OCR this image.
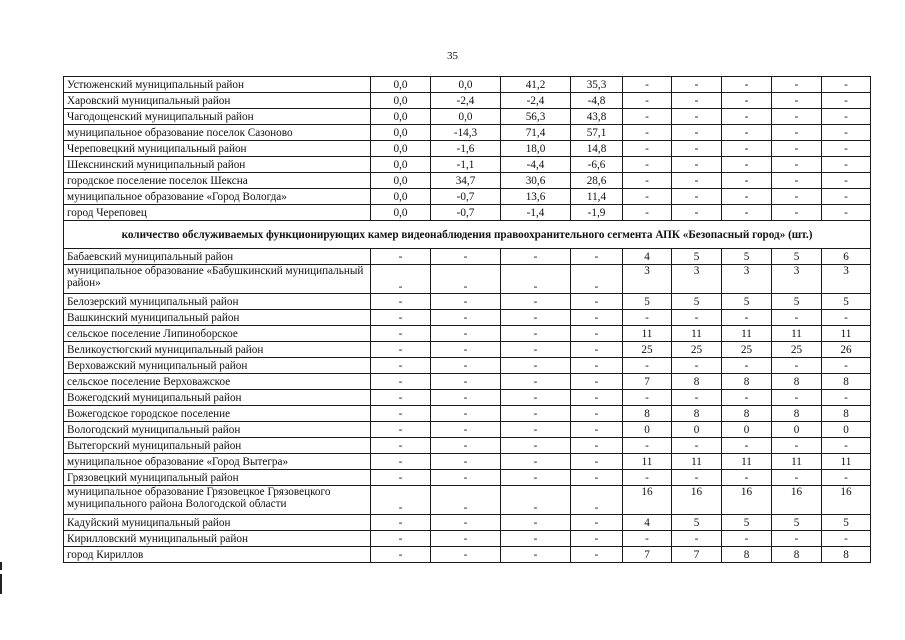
35
Устюженский муниципальный район	0,0	0,0	41,2	35,3	-	-	-	-	-
Харовский муниципальный район	0,0	-2,4	-2,4	-4,8	-	-	-	-	-
Чагодощенский муниципальный район	0,0	0,0	56,3	43,8	-	-	-	-	-
муниципальное образование поселок Сазоново	0,0	-14,3	71,4	57,1	-	-	-	-	-
Череповецкий муниципальный район	0,0	-1,6	18,0	14,8	-	-	-	-	-
Шекснинский муниципальный район	0,0	-1,1	-4,4	-6,6	-	-	-	-	-
городское поселение поселок Шексна	0,0	34,7	30,6	28,6	-	-	-	-	-
муниципальное образование «Город Вологда»	0,0	-0,7	13,6	11,4	-	-	-	-	-
город Череповец	0,0	-0,7	-1,4	-1,9	-	-	-	-	-
количество обслуживаемых функционирующих камер видеонаблюдения правоохранительного сегмента АПК «Безопасный город» (шт.)									
Бабаевский муниципальный район	-	-	-	-	4	5	5	5	6
муниципальное образование «Бабушкинский муниципальный район»	-	-	-	-	3	3	3	3	3
Белозерский муниципальный район	-	-	-	-	5	5	5	5	5
Вашкинский муниципальный район	-	-	-	-	-	-	-	-	-
сельское поселение Липиноборское	-	-	-	-	11	11	11	11	11
Великоустюгский муниципальный район	-	-	-	-	25	25	25	25	26
Верховажский муниципальный район	-	-	-	-	-	-	-	-	-
сельское поселение Верховажское	-	-	-	-	7	8	8	8	8
Вожегодский муниципальный район	-	-	-	-	-	-	-	-	-
Вожегодское городское поселение	-	-	-	-	8	8	8	8	8
Вологодский муниципальный район	-	-	-	-	0	0	0	0	0
Вытегорский муниципальный район	-	-	-	-	-	-	-	-	-
муниципальное образование «Город Вытегра»	-	-	-	-	11	11	11	11	11
Грязовецкий муниципальный район	-	-	-	-	-	-	-	-	-
муниципальное образование Грязовецкое Грязовецкого муниципального района Вологодской области	-	-	-	-	16	16	16	16	16
Кадуйский муниципальный район	-	-	-	-	4	5	5	5	5
Кирилловский муниципальный район	-	-	-	-	-	-	-	-	-
город Кириллов	-	-	-	-	7	7	8	8	8
